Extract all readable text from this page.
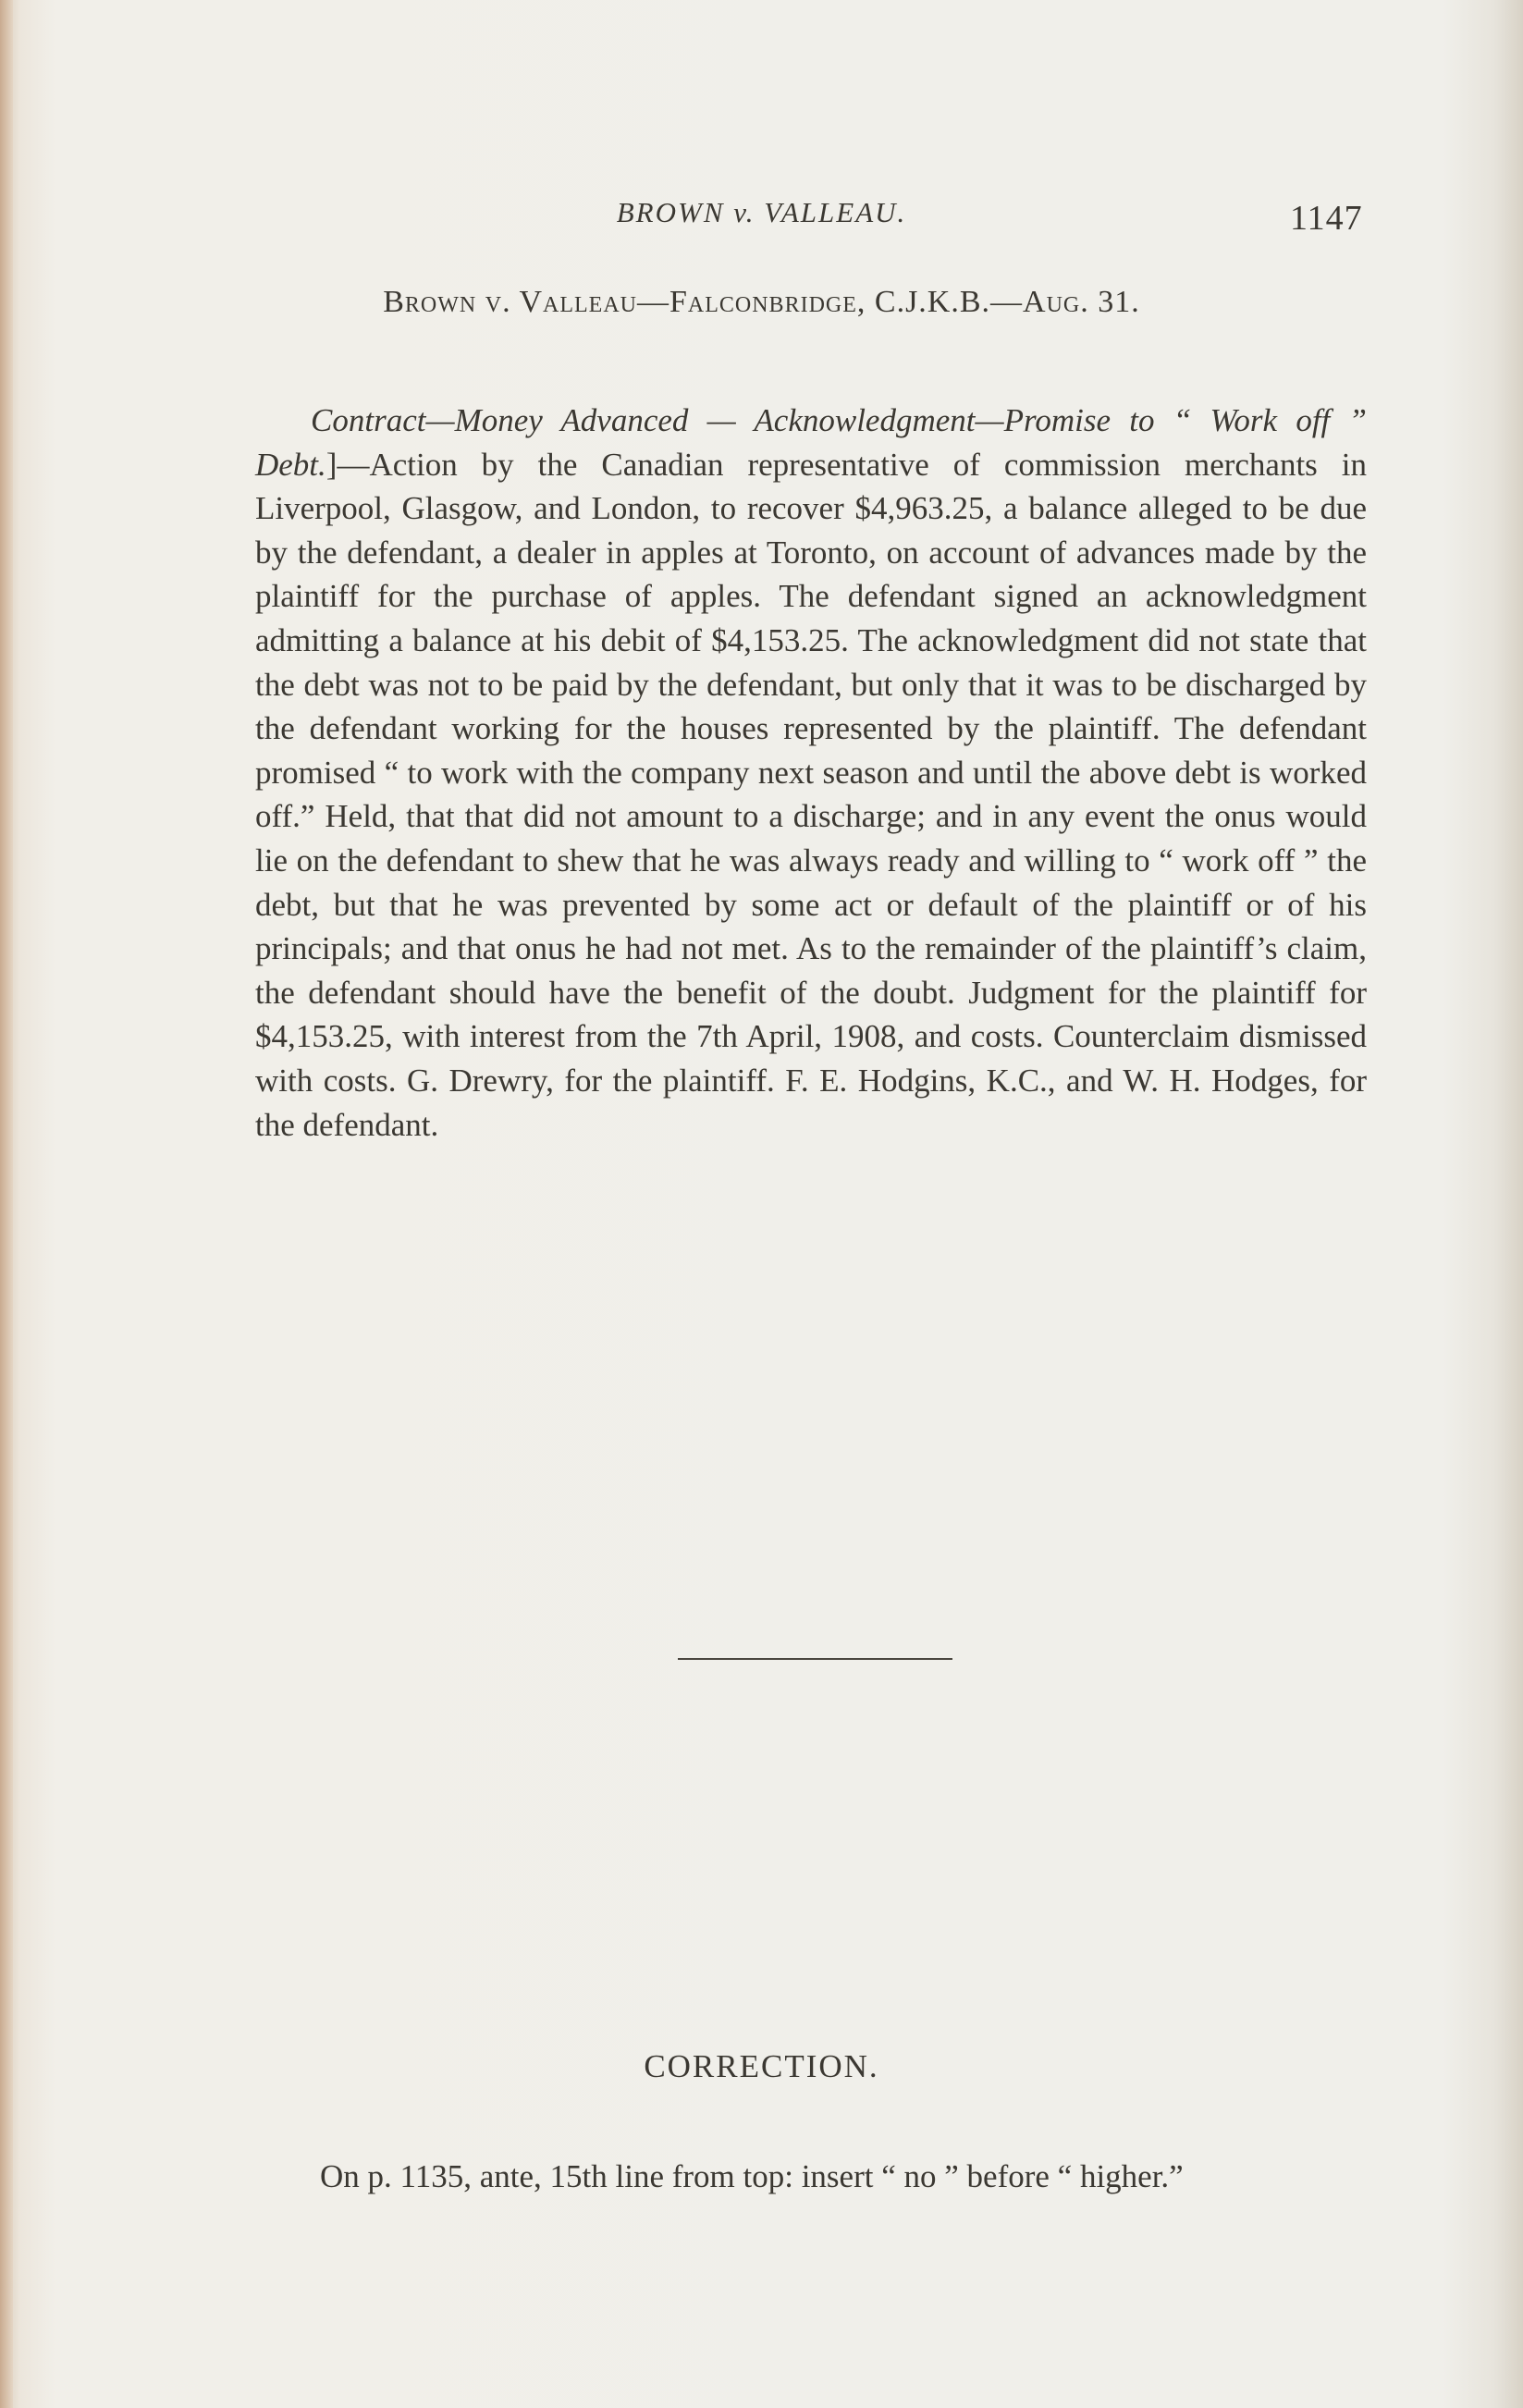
BROWN v. VALLEAU.	1147
Brown v. Valleau—Falconbridge, C.J.K.B.—Aug. 31.

Contract—Money Advanced — Acknowledgment—Promise to “ Work off ” Debt.]—Action by the Canadian representative of commission merchants in Liverpool, Glasgow, and London, to recover $4,963.25, a balance alleged to be due by the defendant, a dealer in apples at Toronto, on account of advances made by the plaintiff for the purchase of apples. The defendant signed an acknowledgment admitting a balance at his debit of $4,153.25. The acknowledgment did not state that the debt was not to be paid by the defendant, but only that it was to be discharged by the defendant working for the houses represented by the plaintiff. The defendant promised “ to work with the company next season and until the above debt is worked off.” Held, that that did not amount to a discharge; and in any event the onus would lie on the defendant to shew that he was always ready and willing to “ work off ” the debt, but that he was prevented by some act or default of the plaintiff or of his principals; and that onus he had not met. As to the remainder of the plaintiff’s claim, the defendant should have the benefit of the doubt. Judgment for the plaintiff for $4,153.25, with interest from the 7th April, 1908, and costs. Counterclaim dismissed with costs. G. Drewry, for the plaintiff. F. E. Hodgins, K.C., and W. H. Hodges, for the defendant.

CORRECTION.

On p. 1135, ante, 15th line from top: insert “ no ” before “ higher.”
